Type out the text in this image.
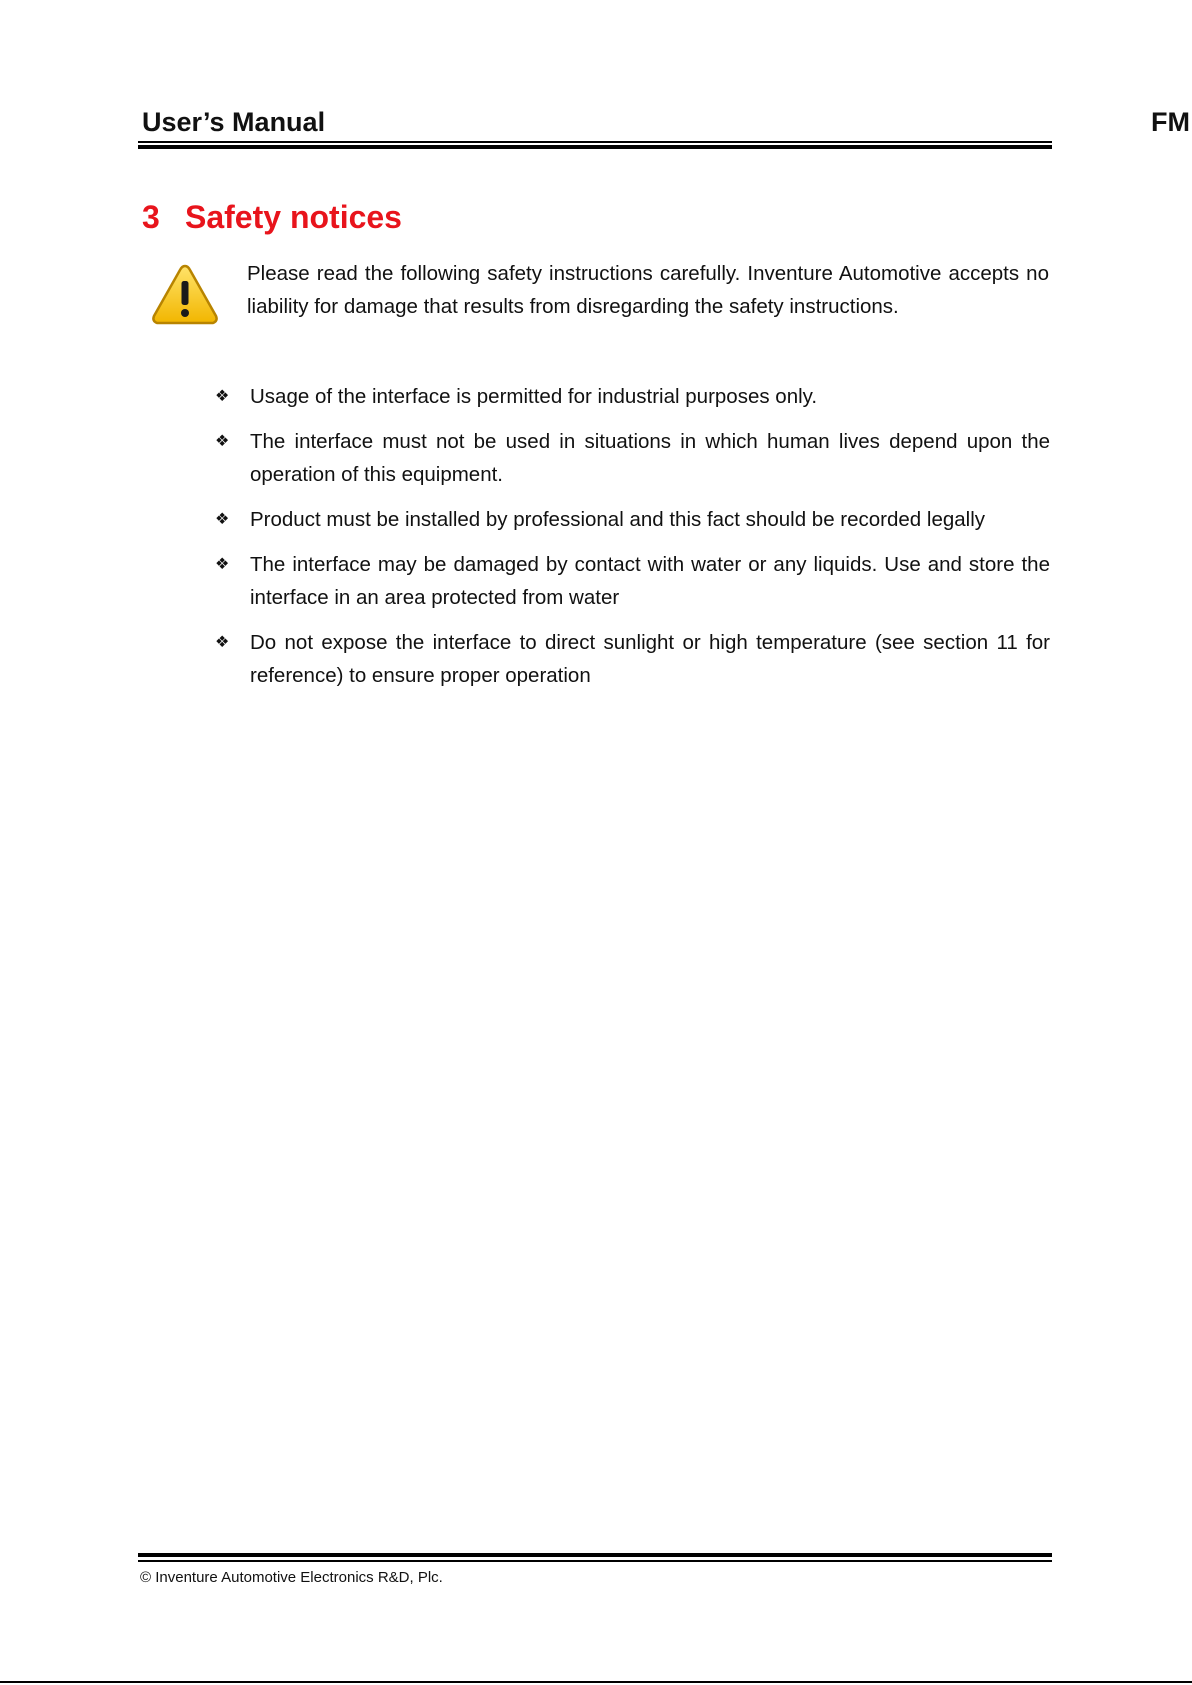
User’s Manual	FM
3 Safety notices

Please read the following safety instructions carefully. Inventure Automotive accepts no liability for damage that results from disregarding the safety instructions.

❖ Usage of the interface is permitted for industrial purposes only.
❖ The interface must not be used in situations in which human lives depend upon the operation of this equipment.
❖ Product must be installed by professional and this fact should be recorded legally
❖ The interface may be damaged by contact with water or any liquids. Use and store the interface in an area protected from water
❖ Do not expose the interface to direct sunlight or high temperature (see section 11 for reference) to ensure proper operation
© Inventure Automotive Electronics R&D, Plc.
